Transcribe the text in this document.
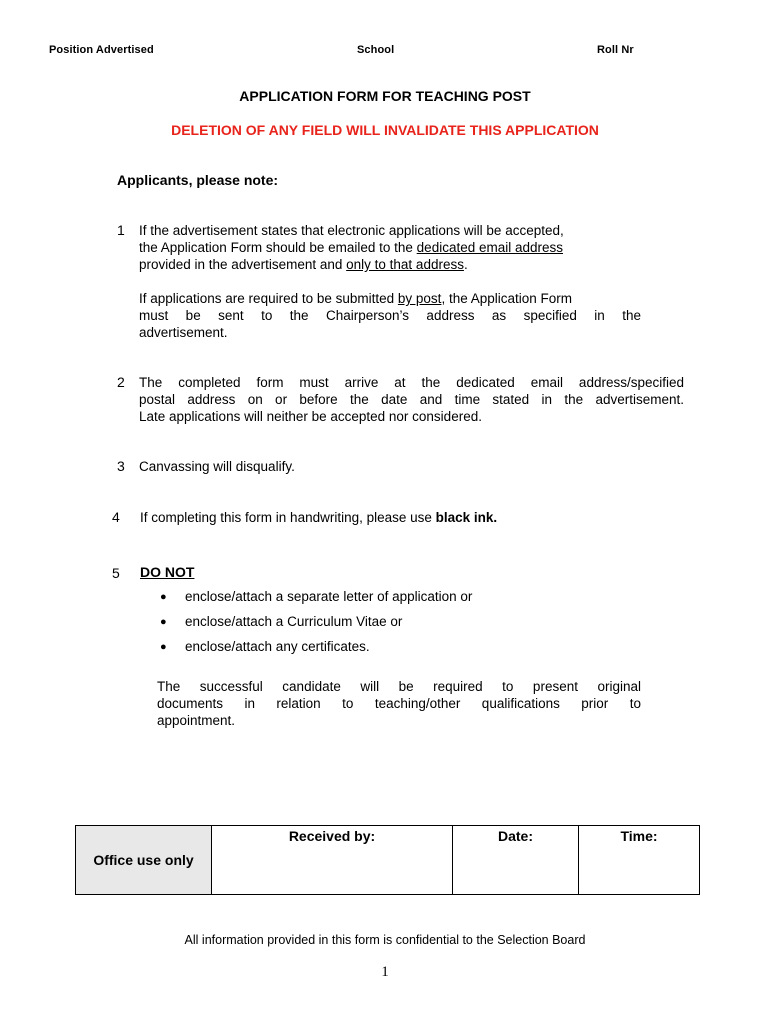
Position Advertised	School	Roll Nr
APPLICATION FORM FOR TEACHING POST
DELETION OF ANY FIELD WILL INVALIDATE THIS APPLICATION
Applicants, please note:
1 If the advertisement states that electronic applications will be accepted,
the Application Form should be emailed to the dedicated email address
provided in the advertisement and only to that address.
If applications are required to be submitted by post, the Application Form
must be sent to the Chairperson’s address as specified in the
advertisement.
2 The completed form must arrive at the dedicated email address/specified
postal address on or before the date and time stated in the advertisement.
Late applications will neither be accepted nor considered.
3 Canvassing will disqualify.
4 If completing this form in handwriting, please use black ink.
5 DO NOT
●	enclose/attach a separate letter of application or
●	enclose/attach a Curriculum Vitae or
●	enclose/attach any certificates.
The successful candidate will be required to present original
documents in relation to teaching/other qualifications prior to
appointment.
Office use only	Received by:	Date:	Time:
All information provided in this form is confidential to the Selection Board
1
